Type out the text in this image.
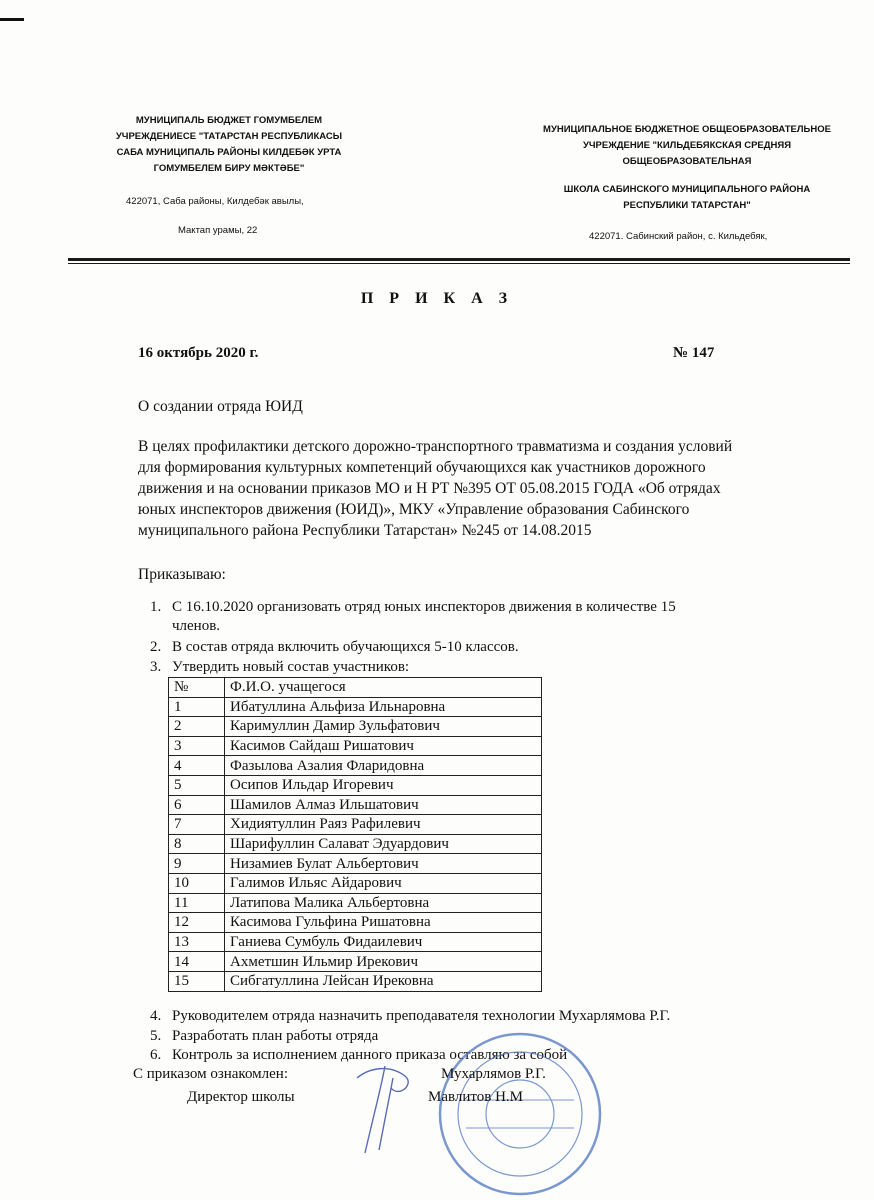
МУНИЦИПАЛЬ БЮДЖЕТ ГОМУМБЕЛЕМ
УЧРЕЖДЕНИЕСЕ "ТАТАРСТАН РЕСПУБЛИКАСЫ
САБА МУНИЦИПАЛЬ РАЙОНЫ КИЛДЕБӘК УРТА
ГОМУМБЕЛЕМ БИРУ МӘКТӘБЕ"
422071, Саба районы, Килдебәк авылы,
Мактап урамы, 22
МУНИЦИПАЛЬНОЕ БЮДЖЕТНОЕ ОБЩЕОБРАЗОВАТЕЛЬНОЕ
УЧРЕЖДЕНИЕ "КИЛЬДЕБЯКСКАЯ СРЕДНЯЯ
ОБЩЕОБРАЗОВАТЕЛЬНАЯ
ШКОЛА САБИНСКОГО МУНИЦИПАЛЬНОГО РАЙОНА
РЕСПУБЛИКИ ТАТАРСТАН"
422071. Сабинский район, с. Кильдебяк,
П Р И К А З
16 октябрь 2020 г.	№ 147
О создании отряда ЮИД
В целях профилактики детского дорожно-транспортного травматизма и создания условий
для формирования культурных компетенций обучающихся как участников дорожного
движения и на основании приказов МО и Н РТ №395 ОТ 05.08.2015 ГОДА «Об отрядах
юных инспекторов движения (ЮИД)», МКУ «Управление образования Сабинского
муниципального района Республики Татарстан» №245 от 14.08.2015
Приказываю:
1. С 16.10.2020 организовать отряд юных инспекторов движения в количестве 15
членов.
2. В состав отряда включить обучающихся 5-10 классов.
3. Утвердить новый состав участников:
№	Ф.И.О. учащегося
1	Ибатуллина Альфиза Ильнаровна
2	Каримуллин Дамир Зульфатович
3	Касимов Сайдаш Ришатович
4	Фазылова Азалия Фларидовна
5	Осипов Ильдар Игоревич
6	Шамилов Алмаз Ильшатович
7	Хидиятуллин Раяз Рафилевич
8	Шарифуллин Салават Эдуардович
9	Низамиев Булат Альбертович
10	Галимов Ильяс Айдарович
11	Латипова Малика Альбертовна
12	Касимова Гульфина Ришатовна
13	Ганиева Сумбуль Фидаилевич
14	Ахметшин Ильмир Ирекович
15	Сибгатуллина Лейсан Ирековна
4. Руководителем отряда назначить преподавателя технологии Мухарлямова Р.Г.
5. Разработать план работы отряда
6. Контроль за исполнением данного приказа оставляю за собой
С приказом ознакомлен:	Мухарлямов Р.Г.
Директор школы	Мавлитов Н.М
